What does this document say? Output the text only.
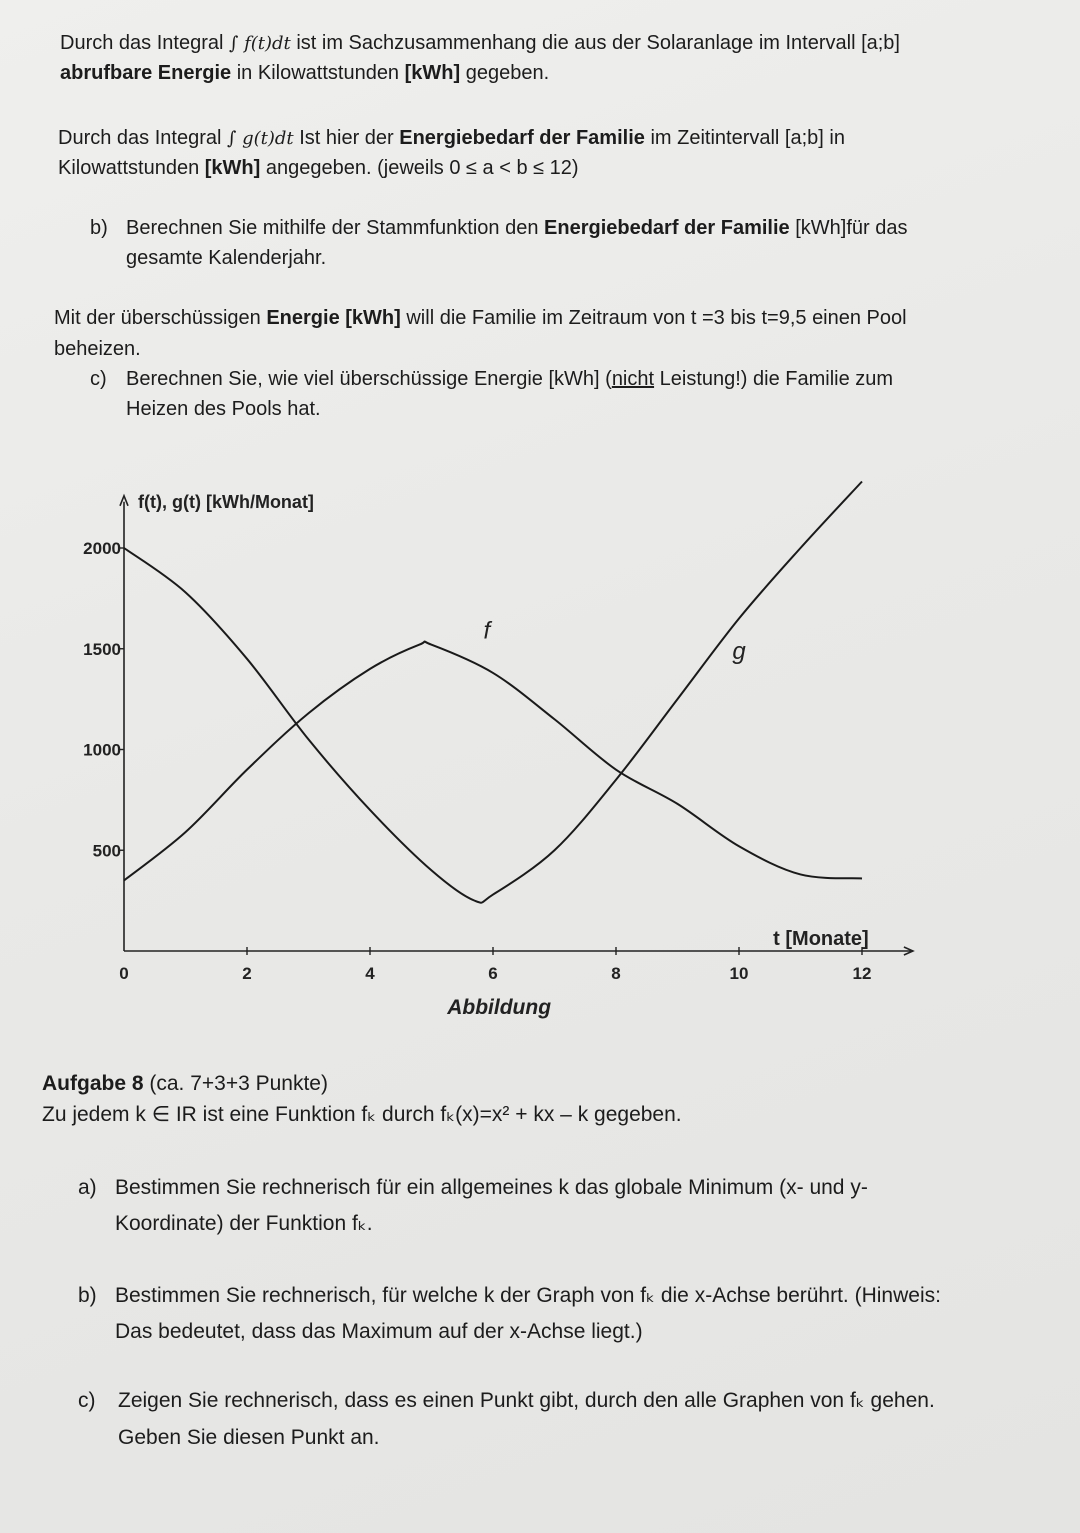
Durch das Integral ∫ f(t)dt ist im Sachzusammenhang die aus der Solaranlage im Intervall [a;b]
abrufbare Energie in Kilowattstunden [kWh] gegeben.
Durch das Integral ∫ g(t)dt Ist hier der Energiebedarf der Familie im Zeitintervall [a;b] in
Kilowattstunden [kWh] angegeben. (jeweils 0 ≤ a < b ≤ 12)
b) Berechnen Sie mithilfe der Stammfunktion den Energiebedarf der Familie [kWh]für das
gesamte Kalenderjahr.
Mit der überschüssigen Energie [kWh] will die Familie im Zeitraum von t =3 bis t=9,5 einen Pool
beheizen.
c) Berechnen Sie, wie viel überschüssige Energie [kWh] (nicht Leistung!) die Familie zum
Heizen des Pools hat.
500
1000
1500
2000
0	2	4	6	8	10	12
f(t), g(t) [kWh/Monat]
t [Monate]
Abbildung
f
g
Aufgabe 8 (ca. 7+3+3 Punkte)
Zu jedem k ∈ IR ist eine Funktion fₖ durch fₖ(x)=x² + kx – k gegeben.
a) Bestimmen Sie rechnerisch für ein allgemeines k das globale Minimum (x- und y-
Koordinate) der Funktion fₖ.
b) Bestimmen Sie rechnerisch, für welche k der Graph von fₖ die x-Achse berührt. (Hinweis:
Das bedeutet, dass das Maximum auf der x-Achse liegt.)
c) Zeigen Sie rechnerisch, dass es einen Punkt gibt, durch den alle Graphen von fₖ gehen.
Geben Sie diesen Punkt an.
